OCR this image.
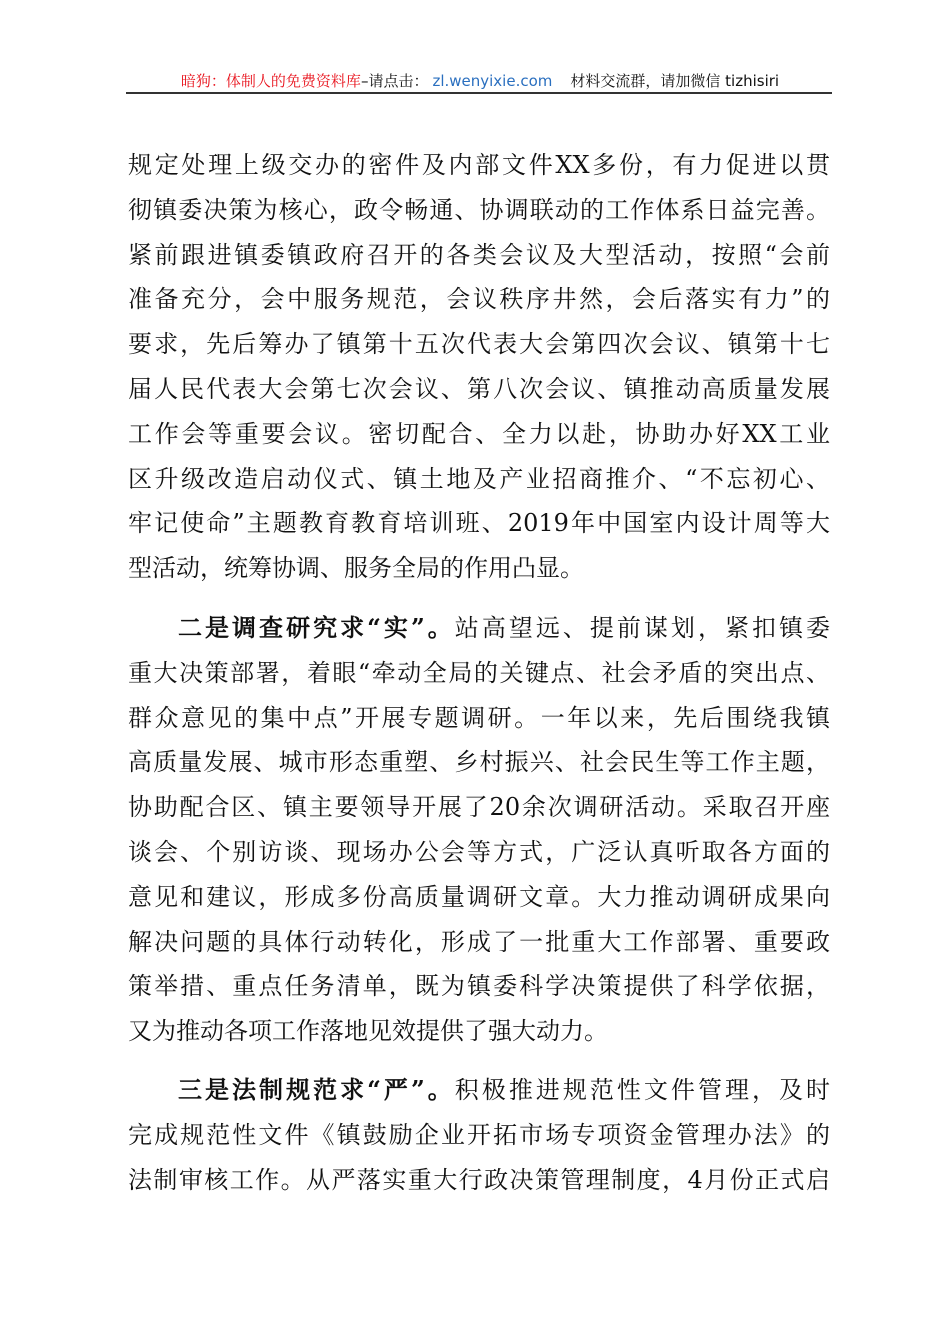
暗狗：体制人的免费资料库–请点击： zl.wenyixie.com 材料交流群，请加微信 tizhisiri
规定处理上级交办的密件及内部文件XX多份，有力促进以贯
彻镇委决策为核心，政令畅通、协调联动的工作体系日益完善。
紧前跟进镇委镇政府召开的各类会议及大型活动，按照“会前
准备充分，会中服务规范，会议秩序井然，会后落实有力”的
要求，先后筹办了镇第十五次代表大会第四次会议、镇第十七
届人民代表大会第七次会议、第八次会议、镇推动高质量发展
工作会等重要会议。密切配合、全力以赴，协助办好XX工业
区升级改造启动仪式、镇土地及产业招商推介、“不忘初心、
牢记使命”主题教育教育培训班、2019年中国室内设计周等大
型活动，统筹协调、服务全局的作用凸显。
二是调查研究求“实”。站高望远、提前谋划，紧扣镇委
重大决策部署，着眼“牵动全局的关键点、社会矛盾的突出点、
群众意见的集中点”开展专题调研。一年以来，先后围绕我镇
高质量发展、城市形态重塑、乡村振兴、社会民生等工作主题，
协助配合区、镇主要领导开展了20余次调研活动。采取召开座
谈会、个别访谈、现场办公会等方式，广泛认真听取各方面的
意见和建议，形成多份高质量调研文章。大力推动调研成果向
解决问题的具体行动转化，形成了一批重大工作部署、重要政
策举措、重点任务清单，既为镇委科学决策提供了科学依据，
又为推动各项工作落地见效提供了强大动力。
三是法制规范求“严”。积极推进规范性文件管理，及时
完成规范性文件《镇鼓励企业开拓市场专项资金管理办法》的
法制审核工作。从严落实重大行政决策管理制度，4月份正式启
